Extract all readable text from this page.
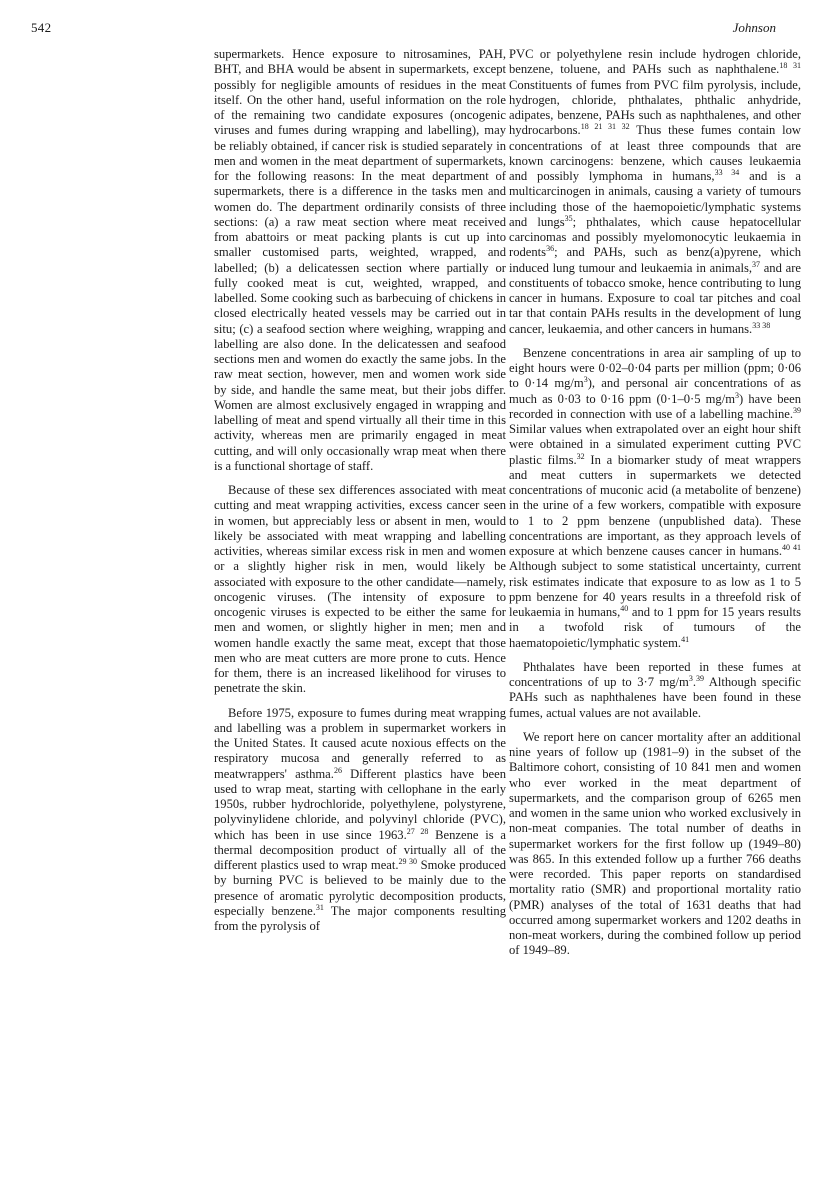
542	Johnson

supermarkets. Hence exposure to nitrosamines, PAH, BHT, and BHA would be absent in supermarkets, except possibly for negligible amounts of residues in the meat itself. On the other hand, useful information on the role of the remaining two candidate exposures (oncogenic viruses and fumes during wrapping and labelling), may be reliably obtained, if cancer risk is studied separately in men and women in the meat department of supermarkets, for the following reasons: In the meat department of supermarkets, there is a difference in the tasks men and women do. The department ordinarily consists of three sections: (a) a raw meat section where meat received from abattoirs or meat packing plants is cut up into smaller customised parts, weighted, wrapped, and labelled; (b) a delicatessen section where partially or fully cooked meat is cut, weighted, wrapped, and labelled. Some cooking such as barbecuing of chickens in closed electrically heated vessels may be carried out in situ; (c) a seafood section where weighing, wrapping and labelling are also done. In the delicatessen and seafood sections men and women do exactly the same jobs. In the raw meat section, however, men and women work side by side, and handle the same meat, but their jobs differ. Women are almost exclusively engaged in wrapping and labelling of meat and spend virtually all their time in this activity, whereas men are primarily engaged in meat cutting, and will only occasionally wrap meat when there is a functional shortage of staff.

Because of these sex differences associated with meat cutting and meat wrapping activities, excess cancer seen in women, but appreciably less or absent in men, would likely be associated with meat wrapping and labelling activities, whereas similar excess risk in men and women or a slightly higher risk in men, would likely be associated with exposure to the other candidate—namely, oncogenic viruses. (The intensity of exposure to oncogenic viruses is expected to be either the same for men and women, or slightly higher in men; men and women handle exactly the same meat, except that those men who are meat cutters are more prone to cuts. Hence for them, there is an increased likelihood for viruses to penetrate the skin.

Before 1975, exposure to fumes during meat wrapping and labelling was a problem in supermarket workers in the United States. It caused acute noxious effects on the respiratory mucosa and generally referred to as meatwrappers' asthma.$^{26}$ Different plastics have been used to wrap meat, starting with cellophane in the early 1950s, rubber hydrochloride, polyethylene, polystyrene, polyvinylidene chloride, and polyvinyl chloride (PVC), which has been in use since 1963.$^{27 28}$ Benzene is a thermal decomposition product of virtually all of the different plastics used to wrap meat.$^{29 30}$ Smoke produced by burning PVC is believed to be mainly due to the presence of aromatic pyrolytic decomposition products, especially benzene.$^{31}$ The major components resulting from the pyrolysis of

PVC or polyethylene resin include hydrogen chloride, benzene, toluene, and PAHs such as naphthalene.$^{18 31}$ Constituents of fumes from PVC film pyrolysis, include, hydrogen, chloride, phthalates, phthalic anhydride, adipates, benzene, PAHs such as naphthalenes, and other hydrocarbons.$^{18 21 31 32}$ Thus these fumes contain low concentrations of at least three compounds that are known carcinogens: benzene, which causes leukaemia and possibly lymphoma in humans,$^{33 34}$ and is a multicarcinogen in animals, causing a variety of tumours including those of the haemopoietic/lymphatic systems and lungs$^{35}$; phthalates, which cause hepatocellular carcinomas and possibly myelomonocytic leukaemia in rodents$^{36}$; and PAHs, such as benz(a)pyrene, which induced lung tumour and leukaemia in animals,$^{37}$ and are constituents of tobacco smoke, hence contributing to lung cancer in humans. Exposure to coal tar pitches and coal tar that contain PAHs results in the development of lung cancer, leukaemia, and other cancers in humans.$^{33 38}$

Benzene concentrations in area air sampling of up to eight hours were 0·02–0·04 parts per million (ppm; 0·06 to 0·14 $mg/m^3$), and personal air concentrations of as much as 0·03 to 0·16 ppm (0·1–0·5 $mg/m^3$) have been recorded in connection with use of a labelling machine.$^{39}$ Similar values when extrapolated over an eight hour shift were obtained in a simulated experiment cutting PVC plastic films.$^{32}$ In a biomarker study of meat wrappers and meat cutters in supermarkets we detected concentrations of muconic acid (a metabolite of benzene) in the urine of a few workers, compatible with exposure to 1 to 2 ppm benzene (unpublished data). These concentrations are important, as they approach levels of exposure at which benzene causes cancer in humans.$^{40 41}$ Although subject to some statistical uncertainty, current risk estimates indicate that exposure to as low as 1 to 5 ppm benzene for 40 years results in a threefold risk of leukaemia in humans,$^{40}$ and to 1 ppm for 15 years results in a twofold risk of tumours of the haematopoietic/lymphatic system.$^{41}$

Phthalates have been reported in these fumes at concentrations of up to 3·7 $mg/m^3.^{39}$ Although specific PAHs such as naphthalenes have been found in these fumes, actual values are not available.

We report here on cancer mortality after an additional nine years of follow up (1981–9) in the subset of the Baltimore cohort, consisting of 10 841 men and women who ever worked in the meat department of supermarkets, and the comparison group of 6265 men and women in the same union who worked exclusively in non-meat companies. The total number of deaths in supermarket workers for the first follow up (1949–80) was 865. In this extended follow up a further 766 deaths were recorded. This paper reports on standardised mortality ratio (SMR) and proportional mortality ratio (PMR) analyses of the total of 1631 deaths that had occurred among supermarket workers and 1202 deaths in non-meat workers, during the combined follow up period of 1949–89.
